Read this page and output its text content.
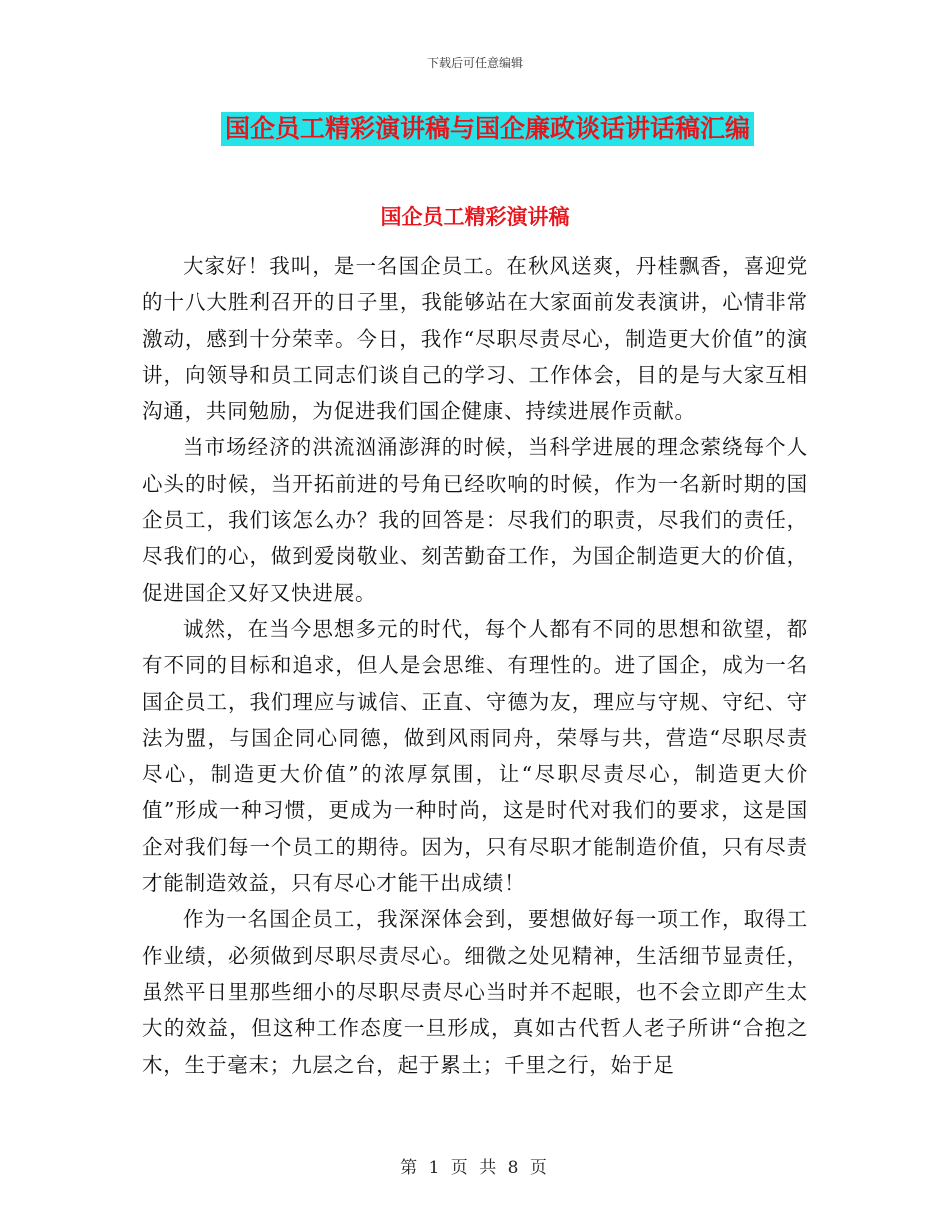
下载后可任意编辑
国企员工精彩演讲稿与国企廉政谈话讲话稿汇编
国企员工精彩演讲稿

大家好！我叫，是一名国企员工。在秋风送爽，丹桂飘香，喜迎党的十八大胜利召开的日子里，我能够站在大家面前发表演讲，心情非常激动，感到十分荣幸。今日，我作“尽职尽责尽心，制造更大价值”的演讲，向领导和员工同志们谈自己的学习、工作体会，目的是与大家互相沟通，共同勉励，为促进我们国企健康、持续进展作贡献。

当市场经济的洪流汹涌澎湃的时候，当科学进展的理念萦绕每个人心头的时候，当开拓前进的号角已经吹响的时候，作为一名新时期的国企员工，我们该怎么办？我的回答是：尽我们的职责，尽我们的责任，尽我们的心，做到爱岗敬业、刻苦勤奋工作，为国企制造更大的价值，促进国企又好又快进展。

诚然，在当今思想多元的时代，每个人都有不同的思想和欲望，都有不同的目标和追求，但人是会思维、有理性的。进了国企，成为一名国企员工，我们理应与诚信、正直、守德为友，理应与守规、守纪、守法为盟，与国企同心同德，做到风雨同舟，荣辱与共，营造“尽职尽责尽心，制造更大价值”的浓厚氛围，让“尽职尽责尽心，制造更大价值”形成一种习惯，更成为一种时尚，这是时代对我们的要求，这是国企对我们每一个员工的期待。因为，只有尽职才能制造价值，只有尽责才能制造效益，只有尽心才能干出成绩！

作为一名国企员工，我深深体会到，要想做好每一项工作，取得工作业绩，必须做到尽职尽责尽心。细微之处见精神，生活细节显责任，虽然平日里那些细小的尽职尽责尽心当时并不起眼，也不会立即产生太大的效益，但这种工作态度一旦形成，真如古代哲人老子所讲“合抱之木，生于毫末；九层之台，起于累土；千里之行，始于足

第 1 页 共 8 页
